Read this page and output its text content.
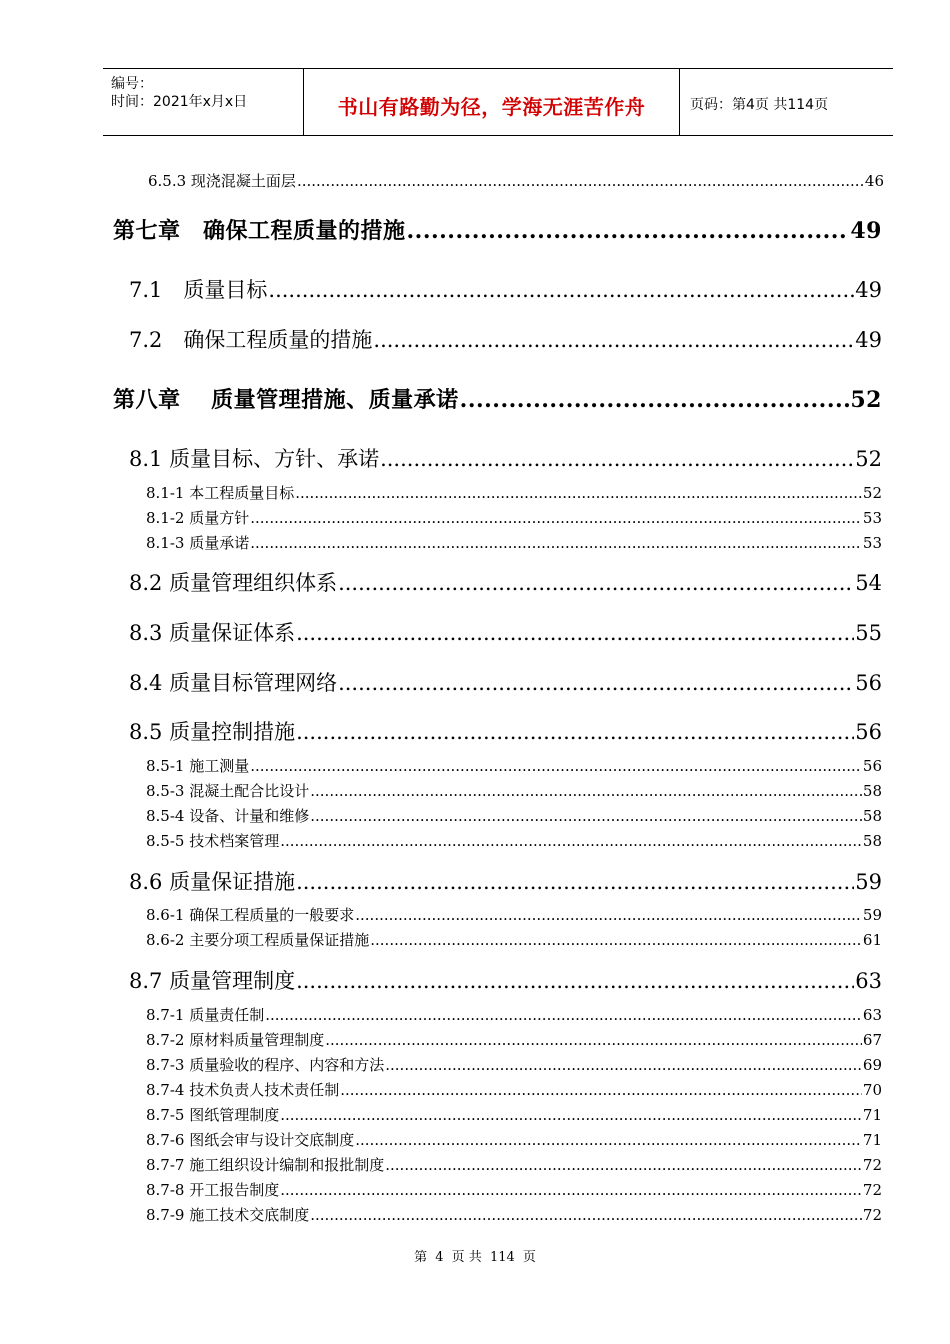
编号：
时间：2021年x月x日	书山有路勤为径，学海无涯苦作舟	页码：第4页 共114页
6.5.3 现浇混凝土面层 .....	46
第七章　确保工程质量的措施 .....	49
7.1　质量目标 .....	49
7.2　确保工程质量的措施 .....	49
第八章　 质量管理措施、质量承诺 .....	52
8.1 质量目标、方针、承诺 .....	52
8.1-1 本工程质量目标 .....	52
8.1-2 质量方针 .....	53
8.1-3 质量承诺 .....	53
8.2 质量管理组织体系 .....	54
8.3 质量保证体系 .....	55
8.4 质量目标管理网络 .....	56
8.5 质量控制措施 .....	56
8.5-1 施工测量 .....	56
8.5-3 混凝土配合比设计 .....	58
8.5-4 设备、计量和维修 .....	58
8.5-5 技术档案管理 .....	58
8.6 质量保证措施 .....	59
8.6-1 确保工程质量的一般要求 .....	59
8.6-2 主要分项工程质量保证措施 .....	61
8.7 质量管理制度 .....	63
8.7-1 质量责任制 .....	63
8.7-2 原材料质量管理制度 .....	67
8.7-3 质量验收的程序、内容和方法 .....	69
8.7-4 技术负责人技术责任制 .....	70
8.7-5 图纸管理制度 .....	71
8.7-6 图纸会审与设计交底制度 .....	71
8.7-7 施工组织设计编制和报批制度 .....	72
8.7-8 开工报告制度 .....	72
8.7-9 施工技术交底制度 .....	72
第 4 页 共 114 页
